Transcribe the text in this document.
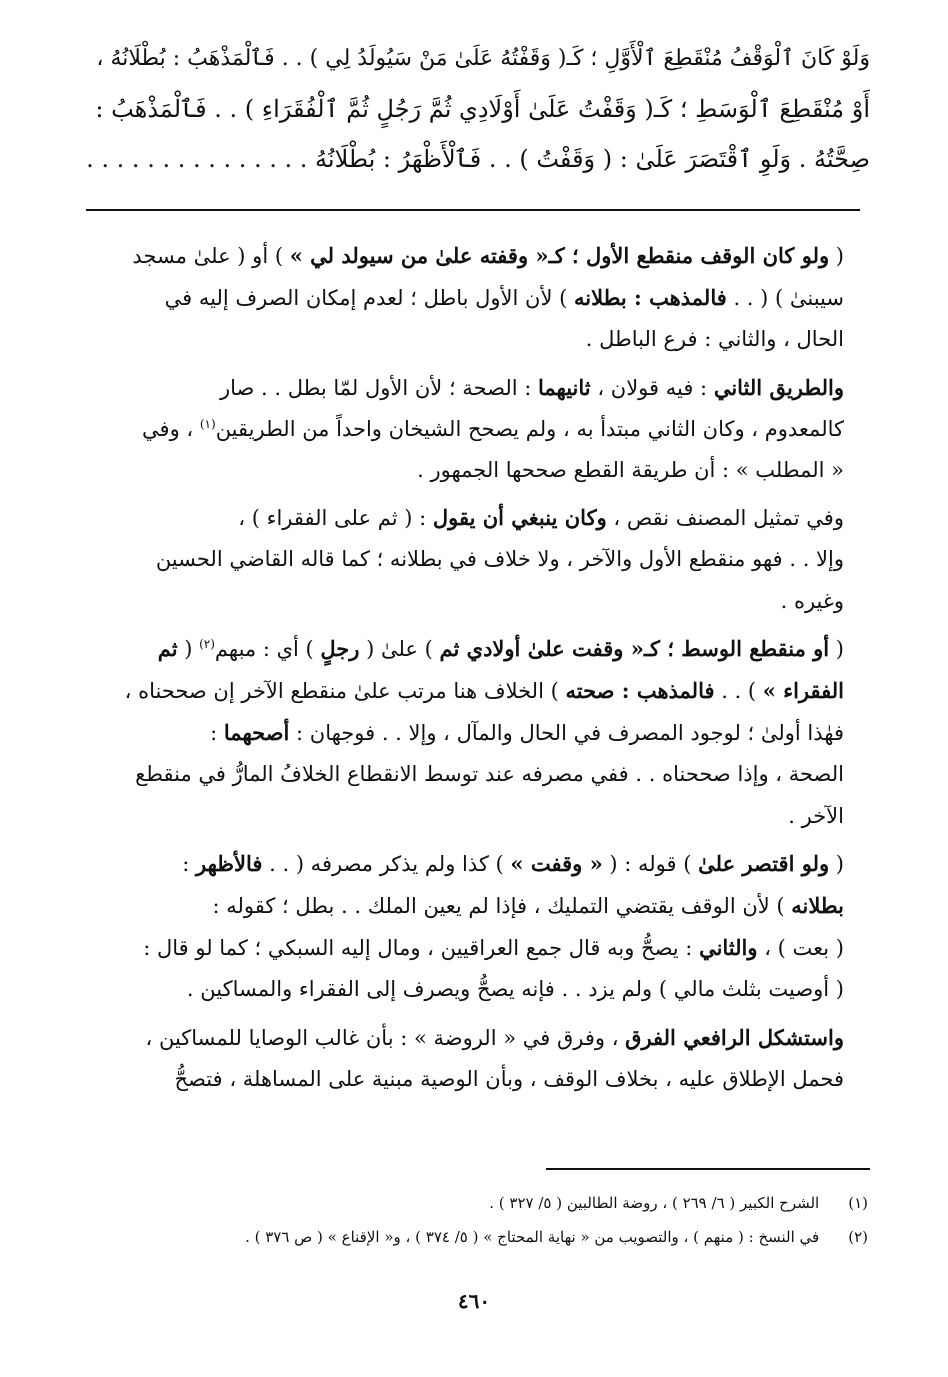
وَلَوْ كَانَ ٱلْوَقْفُ مُنْقَطِعَ ٱلْأَوَّلِ ؛ كَـ( وَقَفْتُهُ عَلَىٰ مَنْ سَيُولَدُ لِي ) . . فَٱلْمَذْهَبُ : بُطْلَانُهُ ،
أَوْ مُنْقَطِعَ ٱلْوَسَطِ ؛ كَـ( وَقَفْتُ عَلَىٰ أَوْلَادِي ثُمَّ رَجُلٍ ثُمَّ ٱلْفُقَرَاءِ ) . . فَٱلْمَذْهَبُ :
صِحَّتُهُ . وَلَوِ ٱقْتَصَرَ عَلَىٰ : ( وَقَفْتُ ) . . فَٱلْأَظْهَرُ : بُطْلَانُهُ . . . . . . . . . . . . . . .
( ولو كان الوقف منقطع الأول ؛ كـ« وقفته علىٰ من سيولد لي » ) أو ( علىٰ مسجد
سيبنىٰ ) ( . . فالمذهب : بطلانه ) لأن الأول باطل ؛ لعدم إمكان الصرف إليه في
الحال ، والثاني : فرع الباطل .
والطريق الثاني : فيه قولان ، ثانيهما : الصحة ؛ لأن الأول لمّا بطل . . صار
كالمعدوم ، وكان الثاني مبتدأ به ، ولم يصحح الشيخان واحداً من الطريقين$^{(١)}$ ، وفي
« المطلب » : أن طريقة القطع صححها الجمهور .
وفي تمثيل المصنف نقص ، وكان ينبغي أن يقول : ( ثم على الفقراء ) ،
وإلا . . فهو منقطع الأول والآخر ، ولا خلاف في بطلانه ؛ كما قاله القاضي الحسين
وغيره .
( أو منقطع الوسط ؛ كـ« وقفت علىٰ أولادي ثم ) علىٰ ( رجلٍ ) أي : مبهم$^{(٢)}$ ( ثم
الفقراء » ) . . فالمذهب : صحته ) الخلاف هنا مرتب علىٰ منقطع الآخر إن صححناه ،
فهٰذا أولىٰ ؛ لوجود المصرف في الحال والمآل ، وإلا . . فوجهان : أصحهما :
الصحة ، وإذا صححناه . . ففي مصرفه عند توسط الانقطاع الخلافُ المارُّ في منقطع
الآخر .
( ولو اقتصر علىٰ ) قوله : ( « وقفت » ) كذا ولم يذكر مصرفه ( . . فالأظهر :
بطلانه ) لأن الوقف يقتضي التمليك ، فإذا لم يعين الملك . . بطل ؛ كقوله :
( بعت ) ، والثاني : يصحُّ وبه قال جمع العراقيين ، ومال إليه السبكي ؛ كما لو قال :
( أوصيت بثلث مالي ) ولم يزد . . فإنه يصحُّ ويصرف إلى الفقراء والمساكين .
واستشكل الرافعي الفرق ، وفرق في « الروضة » : بأن غالب الوصايا للمساكين ،
فحمل الإطلاق عليه ، بخلاف الوقف ، وبأن الوصية مبنية على المساهلة ، فتصحُّ
(١) الشرح الكبير ( ٦/ ٢٦٩ ) ، روضة الطالبين ( ٥/ ٣٢٧ ) .
(٢) في النسخ : ( منهم ) ، والتصويب من « نهاية المحتاج » ( ٥/ ٣٧٤ ) ، و« الإقناع » ( ص ٣٧٦ ) .
٤٦٠
